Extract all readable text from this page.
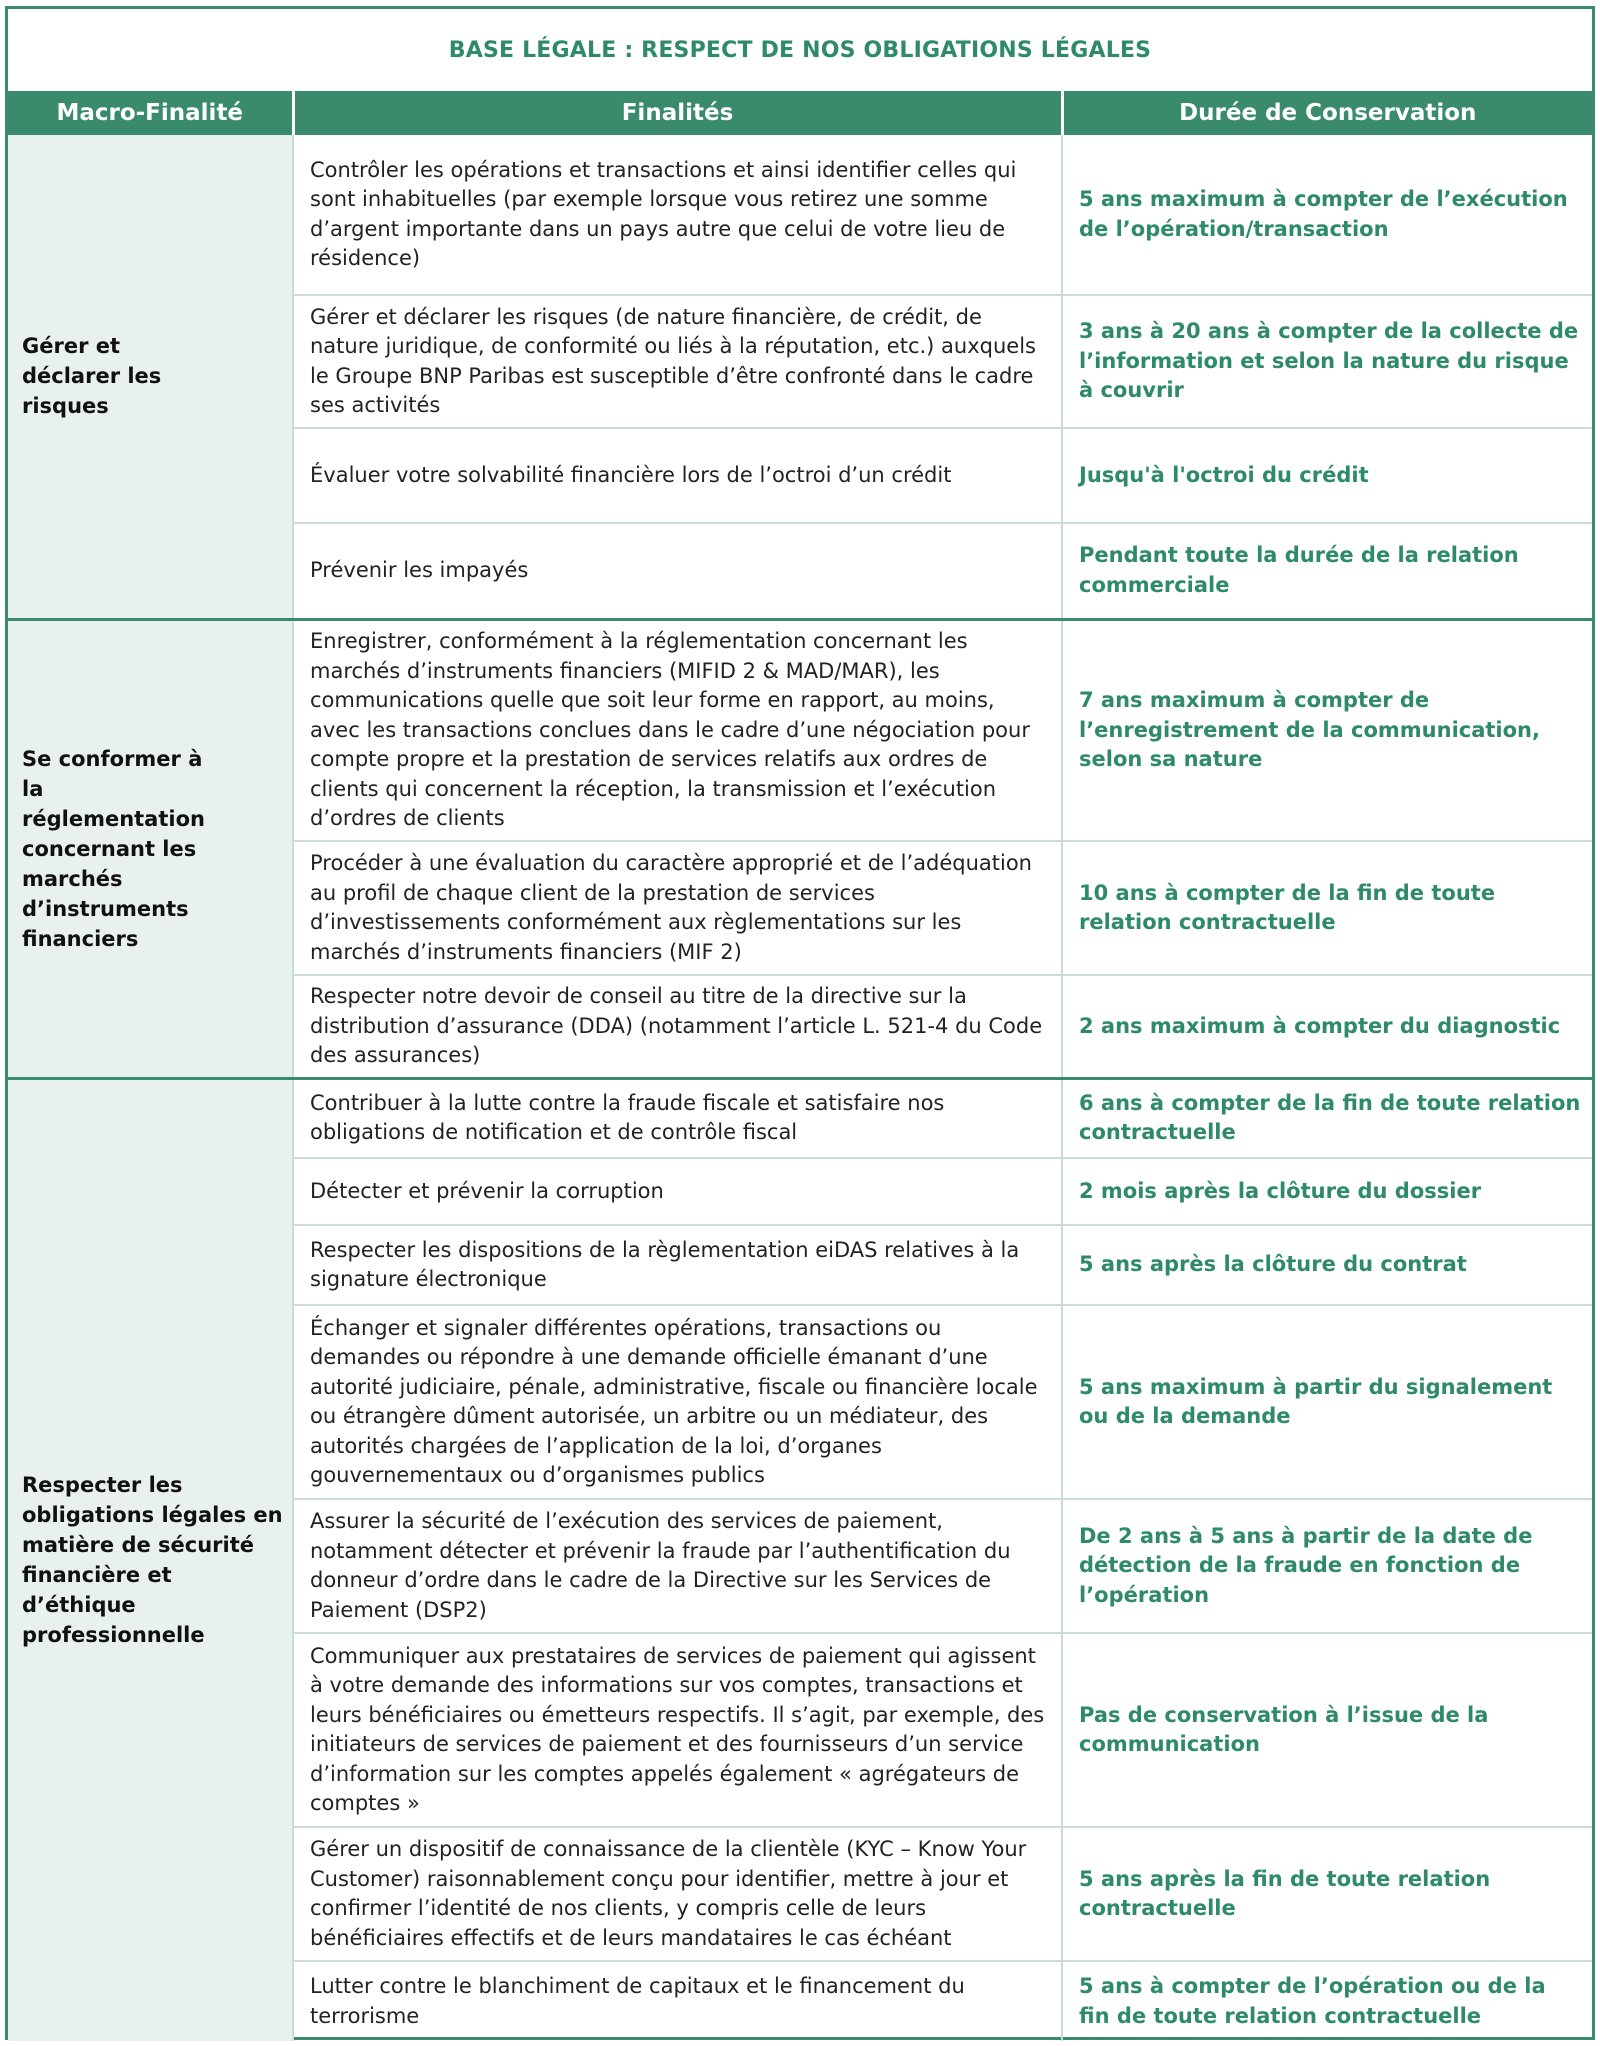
BASE LÉGALE : RESPECT DE NOS OBLIGATIONS LÉGALES
Macro-Finalité	Finalités	Durée de Conservation

Gérer et déclarer les risques	Contrôler les opérations et transactions et ainsi identifier celles qui sont inhabituelles (par exemple lorsque vous retirez une somme d’argent importante dans un pays autre que celui de votre lieu de résidence)	5 ans maximum à compter de l’exécution de l’opération/transaction
	Gérer et déclarer les risques (de nature financière, de crédit, de nature juridique, de conformité ou liés à la réputation, etc.) auxquels le Groupe BNP Paribas est susceptible d’être confronté dans le cadre ses activités	3 ans à 20 ans à compter de la collecte de l’information et selon la nature du risque à couvrir
	Évaluer votre solvabilité financière lors de l’octroi d’un crédit	Jusqu'à l'octroi du crédit
	Prévenir les impayés	Pendant toute la durée de la relation commerciale

Se conformer à la réglementation concernant les marchés d’instruments financiers	Enregistrer, conformément à la réglementation concernant les marchés d’instruments financiers (MIFID 2 & MAD/MAR), les communications quelle que soit leur forme en rapport, au moins, avec les transactions conclues dans le cadre d’une négociation pour compte propre et la prestation de services relatifs aux ordres de clients qui concernent la réception, la transmission et l’exécution d’ordres de clients	7 ans maximum à compter de l’enregistrement de la communication, selon sa nature
	Procéder à une évaluation du caractère approprié et de l’adéquation au profil de chaque client de la prestation de services d’investissements conformément aux règlementations sur les marchés d’instruments financiers (MIF 2)	10 ans à compter de la fin de toute relation contractuelle
	Respecter notre devoir de conseil au titre de la directive sur la distribution d’assurance (DDA) (notamment l’article L. 521-4 du Code des assurances)	2 ans maximum à compter du diagnostic

Respecter les obligations légales en matière de sécurité financière et d’éthique professionnelle	Contribuer à la lutte contre la fraude fiscale et satisfaire nos obligations de notification et de contrôle fiscal	6 ans à compter de la fin de toute relation contractuelle
	Détecter et prévenir la corruption	2 mois après la clôture du dossier
	Respecter les dispositions de la règlementation eiDAS relatives à la signature électronique	5 ans après la clôture du contrat
	Échanger et signaler différentes opérations, transactions ou demandes ou répondre à une demande officielle émanant d’une autorité judiciaire, pénale, administrative, fiscale ou financière locale ou étrangère dûment autorisée, un arbitre ou un médiateur, des autorités chargées de l’application de la loi, d’organes gouvernementaux ou d’organismes publics	5 ans maximum à partir du signalement ou de la demande
	Assurer la sécurité de l’exécution des services de paiement, notamment détecter et prévenir la fraude par l’authentification du donneur d’ordre dans le cadre de la Directive sur les Services de Paiement (DSP2)	De 2 ans à 5 ans à partir de la date de détection de la fraude en fonction de l’opération
	Communiquer aux prestataires de services de paiement qui agissent à votre demande des informations sur vos comptes, transactions et leurs bénéficiaires ou émetteurs respectifs. Il s’agit, par exemple, des initiateurs de services de paiement et des fournisseurs d’un service d’information sur les comptes appelés également « agrégateurs de comptes »	Pas de conservation à l’issue de la communication
	Gérer un dispositif de connaissance de la clientèle (KYC – Know Your Customer) raisonnablement conçu pour identifier, mettre à jour et confirmer l’identité de nos clients, y compris celle de leurs bénéficiaires effectifs et de leurs mandataires le cas échéant	5 ans après la fin de toute relation contractuelle
	Lutter contre le blanchiment de capitaux et le financement du terrorisme	5 ans à compter de l’opération ou de la fin de toute relation contractuelle
